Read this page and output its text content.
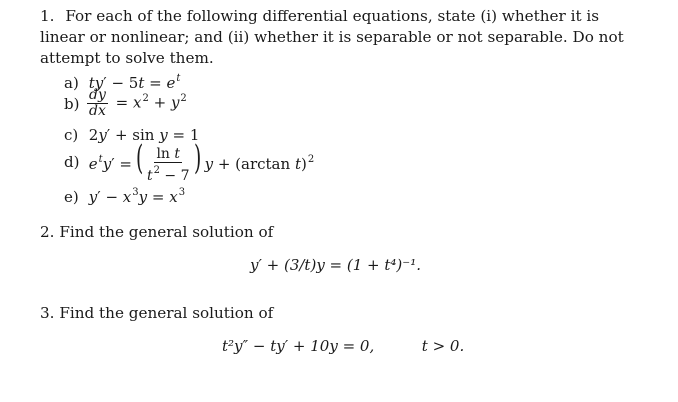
1. For each of the following differential equations, state (i) whether it is linear or nonlinear; and (ii) whether it is separable or not separable. Do not attempt to solve them.
a) $ty' - 5t = e^t$
$b) \frac{dy}{dx} = x^2 + y^2$
c) 2y′ + sin y = 1
d) $e^ty'$ = ( $\frac{\text{ln t}}{t^2 - 7}$ ) y + (arctan t)$^2$
e) $y' - x^3y = x^3$
2. Find the general solution of
y′ + (3/t)y = (1 + t⁴)⁻¹.
3. Find the general solution of
t²y″ − ty′ + 10y = 0,	t > 0.
